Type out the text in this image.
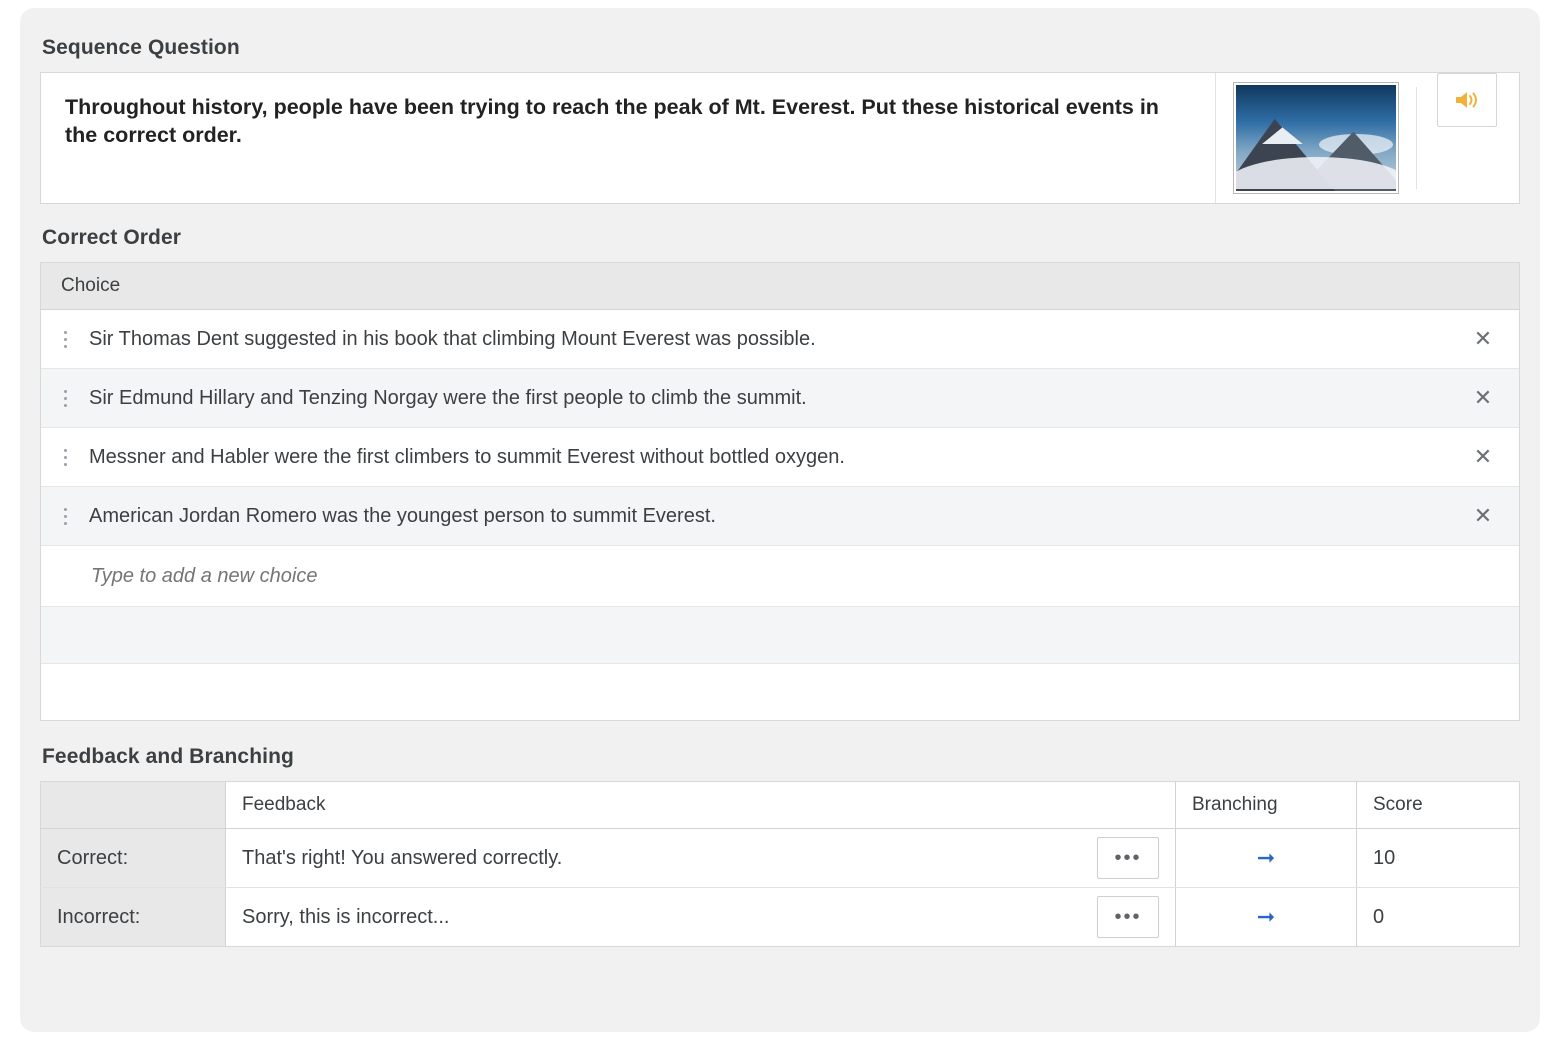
Sequence Question
Throughout history, people have been trying to reach the peak of Mt. Everest. Put these historical events in the correct order.
Correct Order
Choice
Sir Thomas Dent suggested in his book that climbing Mount Everest was possible.	✕
Sir Edmund Hillary and Tenzing Norgay were the first people to climb the summit.	✕
Messner and Habler were the first climbers to summit Everest without bottled oxygen.	✕
American Jordan Romero was the youngest person to summit Everest.	✕
Type to add a new choice
Feedback and Branching
	Feedback	Branching	Score
Correct:	That's right! You answered correctly. •••	➞	10
Incorrect:	Sorry, this is incorrect... •••	➞	0
